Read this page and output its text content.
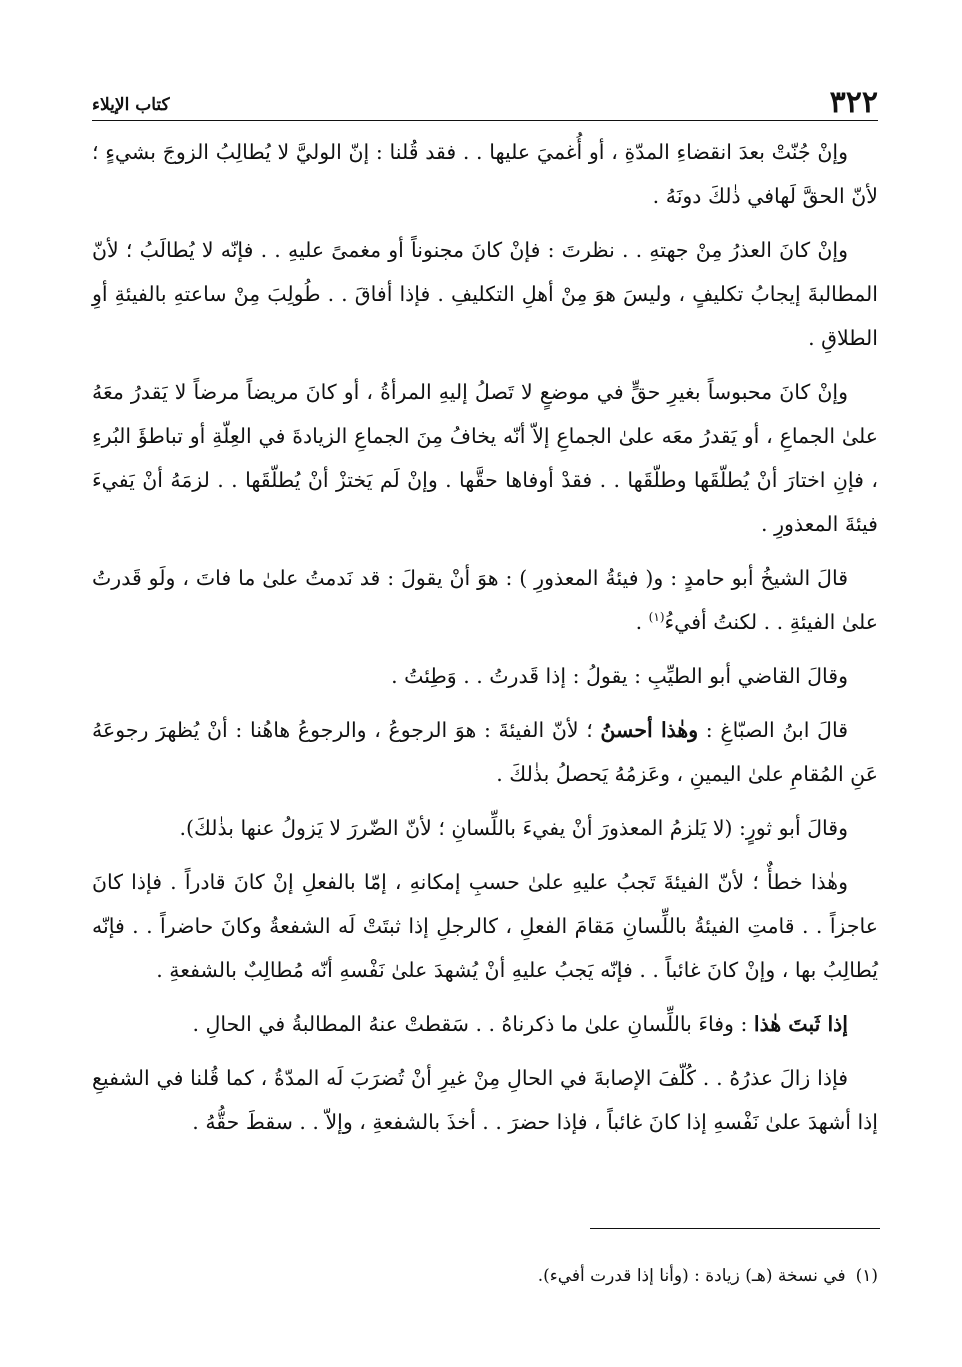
٣٢٢
كتاب الإيلاء

وإنْ جُنّتْ بعدَ انقضاءِ المدّةِ ، أو أُغميَ عليها . . فقد قُلنا : إنّ الوليَّ لا يُطالِبُ الزوجَ بشيءٍ ؛ لأنّ الحقَّ لَهافي ذٰلكَ دونَهُ .

وإنْ كانَ العذرُ مِنْ جهتهِ . . نظرتَ : فإنْ كانَ مجنوناً أو مغمىً عليهِ . . فإنّه لا يُطالَبُ ؛ لأنّ المطالبةَ إيجابُ تكليفٍ ، وليسَ هوَ مِنْ أهلِ التكليفِ . فإذا أفاقَ . . طُولِبَ مِنْ ساعتهِ بالفيئةِ أوِ الطلاقِ .

وإنْ كانَ محبوساً بغيرِ حقٍّ في موضعٍ لا تَصلُ إليهِ المرأةُ ، أو كانَ مريضاً مرضاً لا يَقدرُ معَهُ علىٰ الجماعِ ، أو يَقدرُ معَه علىٰ الجماعِ إلاّ أنّه يخافُ مِنَ الجماعِ الزيادةَ في العِلّةِ أو تباطؤَ البُرءِ ، فإنِ اختارَ أنْ يُطلّقَها وطلّقَها . . فقدْ أوفاها حقَّها . وإنْ لَم يَختزْ أنْ يُطلّقَها . . لزمَهُ أنْ يَفيءَ فيئةَ المعذورِ .

قالَ الشيخُ أبو حامدٍ : و( فيئةُ المعذورِ ) : هوَ أنْ يقولَ : قد نَدمتُ علىٰ ما فاتَ ، ولَو قَدرتُ علىٰ الفيئةِ . . لكنتُ أفيءُ$^{(١)}$ .

وقالَ القاضي أبو الطيِّبِ : يقولُ : إذا قَدرتُ . . وَطِئتُ .

قالَ ابنُ الصبّاغِ : وهٰذا أحسنُ ؛ لأنّ الفيئةَ : هوَ الرجوعُ ، والرجوعُ هاهُنا : أنْ يُظهرَ رجوعَهُ عَنِ المُقامِ علىٰ اليمينِ ، وعَزمُهُ يَحصلُ بذٰلكَ .

وقالَ أبو ثورٍ: (لا يَلزمُ المعذورَ أنْ يفيءَ باللِّسانِ ؛ لأنّ الضّررَ لا يَزولُ عنها بذٰلكَ).

وهٰذا خطأٌ ؛ لأنّ الفيئةَ تَجبُ عليهِ علىٰ حسبِ إمكانهِ ، إمّا بالفعلِ إنْ كانَ قادراً . فإذا كانَ عاجزاً . . قامتِ الفيئةُ باللِّسانِ مَقامَ الفعلِ ، كالرجلِ إذا ثبتَتْ لَه الشفعةُ وكانَ حاضراً . . فإنّه يُطالِبُ بها ، وإنْ كانَ غائباً . . فإنّه يَجبُ عليهِ أنْ يُشهدَ علىٰ نَفْسهِ أنّه مُطالِبٌ بالشفعةِ .

إذا ثَبتَ هٰذا : وفاءَ باللِّسانِ علىٰ ما ذكرناهُ . . سَقطتْ عنهُ المطالبةُ في الحالِ .

فإذا زالَ عذرُهُ . . كُلّفَ الإصابةَ في الحالِ مِنْ غيرِ أنْ تُضرَبَ لَه المدّةُ ، كما قُلنا في الشفيعِ إذا أشهدَ علىٰ نَفْسهِ إذا كانَ غائباً ، فإذا حضرَ . . أخذَ بالشفعةِ ، وإلاّ . . سقطَ حقُّهُ .

(١)
في نسخة (هـ) زيادة : (وأنا إذا قدرت أفيء).
